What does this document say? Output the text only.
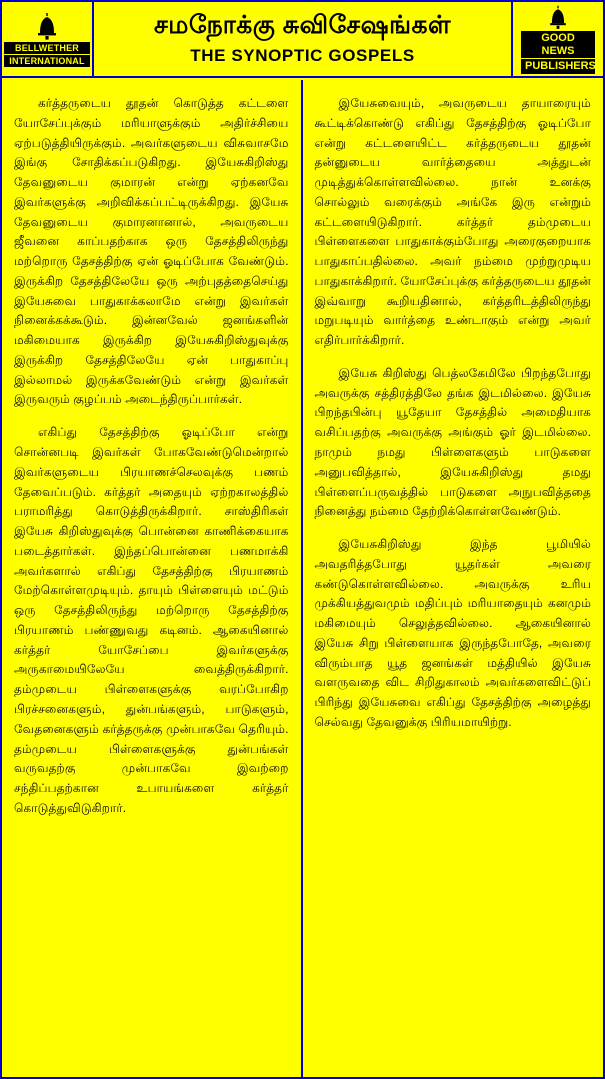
BELLWETHER
INTERNATIONAL
சமநோக்கு சுவிசேஷங்கள்
THE SYNOPTIC GOSPELS
GOOD NEWS
PUBLISHERS

கர்த்தருடைய தூதன் கொடுத்த கட்டளை யோசேப்புக்கும் மரியாளுக்கும் அதிர்ச்சியை ஏற்படுத்தியிருக்கும். அவர்களுடைய விசுவாசமே இங்கு சோதிக்கப்படுகிறது. இயேசுகிறிஸ்து தேவனுடைய குமாரன் என்று ஏற்கனவே இவர்களுக்கு அறிவிக்கப்பட்டிருக்கிறது. இயேசு தேவனுடைய குமாரனானால், அவருடைய ஜீவனை காப்பதற்காக ஒரு தேசத்திலிருந்து மற்றொரு தேசத்திற்கு ஏன் ஓடிப்போக வேண்டும். இருக்கிற தேசத்திலேயே ஒரு அற்புதத்தைசெய்து இயேசுவை பாதுகாக்கலாமே என்று இவர்கள் நினைக்கக்கூடும். இன்னவேல் ஜனங்களின் மகிமையாக இருக்கிற இயேசுகிறிஸ்துவுக்கு இருக்கிற தேசத்திலேயே ஏன் பாதுகாப்பு இல்லாமல் இருக்கவேண்டும் என்று இவர்கள் இருவரும் குழப்பம் அடைந்திருப்பார்கள்.

எகிப்து தேசத்திற்கு ஓடிப்போ என்று சொன்னபடி இவர்கள் போகவேண்டுமென்றால் இவர்களுடைய பிரயாணச்செலவுக்கு பணம் தேவைப்படும். கர்த்தர் அதையும் ஏற்றகாலத்தில் பராமரித்து கொடுத்திருக்கிறார். சாஸ்திரிகள் இயேசு கிறிஸ்துவுக்கு பொன்னை காணிக்கையாக படைத்தார்கள். இந்தப்பொன்னை பணமாக்கி அவர்களால் எகிப்து தேசத்திற்கு பிரயாணம் மேற்கொள்ளமுடியும். தாயும் பிள்ளையும் மட்டும் ஒரு தேசத்திலிருந்து மற்றொரு தேசத்திற்கு பிரயாணம் பண்ணுவது கடினம். ஆகையினால் கர்த்தர் யோசேப்பை இவர்களுக்கு அருகாமையிலேயே வைத்திருக்கிறார். தம்முடைய பிள்ளைகளுக்கு வரப்போகிற பிரச்சனைகளும், துன்பங்களும், பாடுகளும், வேதனைகளும் கர்த்தருக்கு முன்பாகவே தெரியும். தம்முடைய பிள்ளைகளுக்கு துன்பங்கள் வருவதற்கு முன்பாகவே இவற்றை சந்திப்பதற்கான உபாயங்களை கர்த்தர் கொடுத்துவிடுகிறார்.

இயேசுவையும், அவருடைய தாயாரையும் கூட்டிக்கொண்டு எகிப்து தேசத்திற்கு ஓடிப்போ என்று கட்டளையிட்ட கர்த்தருடைய தூதன் தன்னுடைய வார்த்தையை அத்துடன் முடித்துக்கொள்ளவில்லை. நான் உனக்கு சொல்லும் வரைக்கும் அங்கே இரு என்றும் கட்டளையிடுகிறார். கர்த்தர் தம்முடைய பிள்ளைகளை பாதுகாக்கும்போது அரைகுறையாக பாதுகாப்பதில்லை. அவர் நம்மை முற்றுமுடிய பாதுகாக்கிறார். யோசேப்புக்கு கர்த்தருடைய தூதன் இவ்வாறு கூறியதினால், கர்த்தரிடத்திலிருந்து மறுபடியும் வார்த்தை உண்டாகும் என்று அவர் எதிர்பார்க்கிறார்.

இயேசு கிறிஸ்து பெத்லகேமிலே பிறந்தபோது அவருக்கு சத்திரத்திலே தங்க இடமில்லை. இயேசு பிறந்தபின்பு யூதேயா தேசத்தில் அமைதியாக வசிப்பதற்கு அவருக்கு அங்கும் ஓர் இடமில்லை. நாமும் நமது பிள்ளைகளும் பாடுகளை அனுபவித்தால், இயேசுகிறிஸ்து தமது பிள்ளைப்பருவத்தில் பாடுகளை அநுபவித்ததை நினைத்து நம்மை தேற்றிக்கொள்ளவேண்டும்.

இயேசுகிறிஸ்து இந்த பூமியில் அவதரித்தபோது யூதர்கள் அவரை கண்டுகொள்ளவில்லை. அவருக்கு உரிய முக்கியத்துவமும் மதிப்பும் மரியாதையும் கனமும் மகிமையும் செலுத்தவில்லை. ஆகையினால் இயேசு சிறு பிள்ளையாக இருந்தபோதே, அவரை விரும்பாத யூத ஜனங்கள் மத்தியில் இயேசு வளருவதை விட சிறிதுகாலம் அவர்களைவிட்டுப் பிரிந்து இயேசுவை எகிப்து தேசத்திற்கு அழைத்து செல்வது தேவனுக்கு பிரியமாயிற்று.
